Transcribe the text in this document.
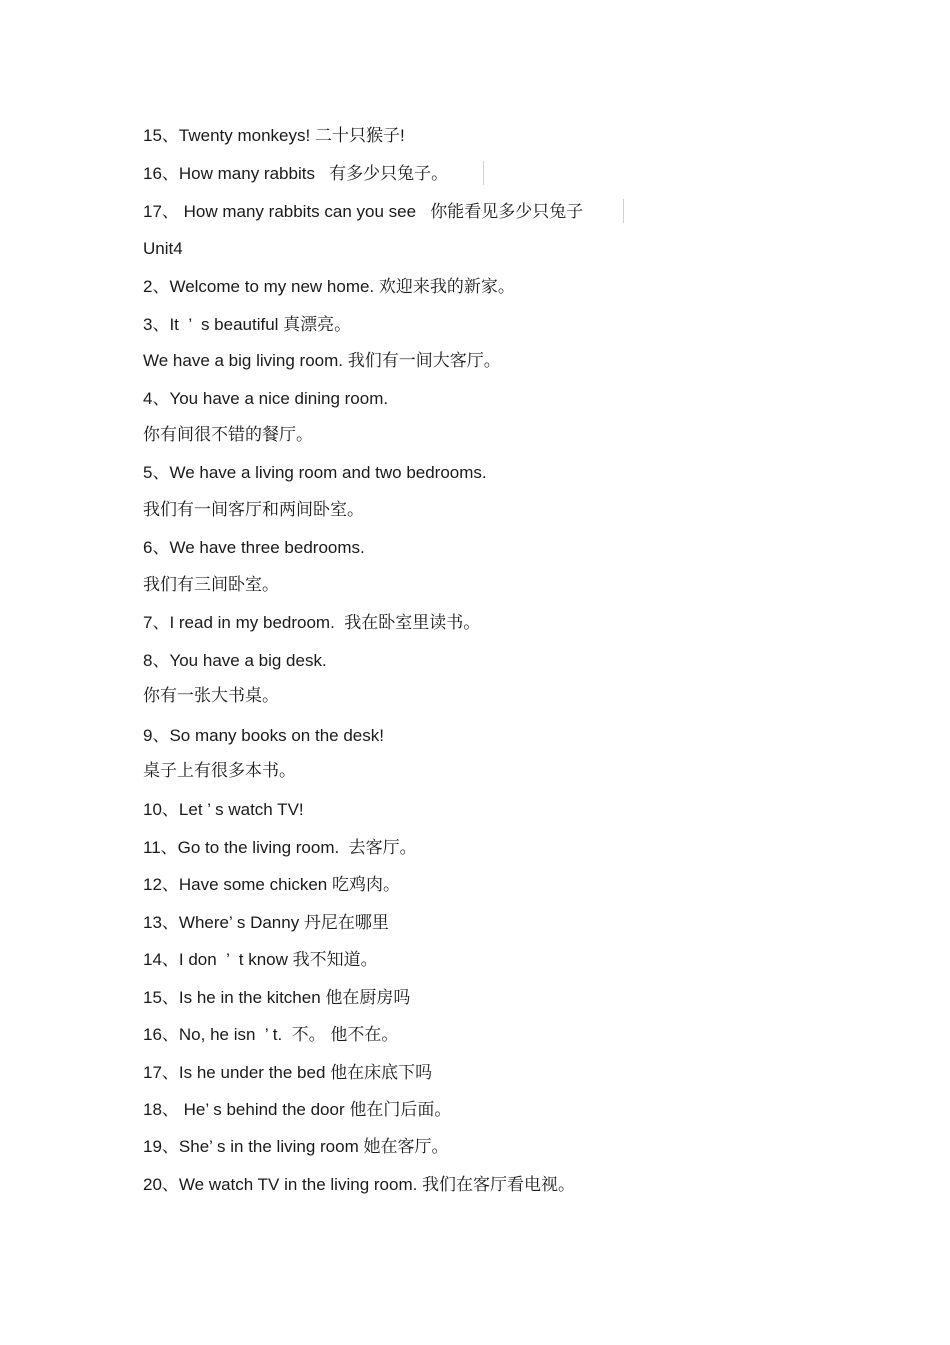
15、Twenty monkeys! 二十只猴子!
16、How many rabbits   有多少只兔子。
17、 How many rabbits can you see   你能看见多少只兔子
Unit4
2、Welcome to my new home. 欢迎来我的新家。
3、It  ’  s beautiful 真漂亮。
We have a big living room. 我们有一间大客厅。
4、You have a nice dining room.
你有间很不错的餐厅。
5、We have a living room and two bedrooms.
我们有一间客厅和两间卧室。
6、We have three bedrooms.
我们有三间卧室。
7、I read in my bedroom.  我在卧室里读书。
8、You have a big desk.
你有一张大书桌。
9、So many books on the desk!
桌子上有很多本书。
10、Let ’ s watch TV!
11、Go to the living room.  去客厅。
12、Have some chicken 吃鸡肉。
13、Where’ s Danny 丹尼在哪里
14、I don  ’  t know 我不知道。
15、Is he in the kitchen 他在厨房吗
16、No, he isn  ’ t.  不。 他不在。
17、Is he under the bed 他在床底下吗
18、 He’ s behind the door 他在门后面。
19、She’ s in the living room 她在客厅。
20、We watch TV in the living room. 我们在客厅看电视。
